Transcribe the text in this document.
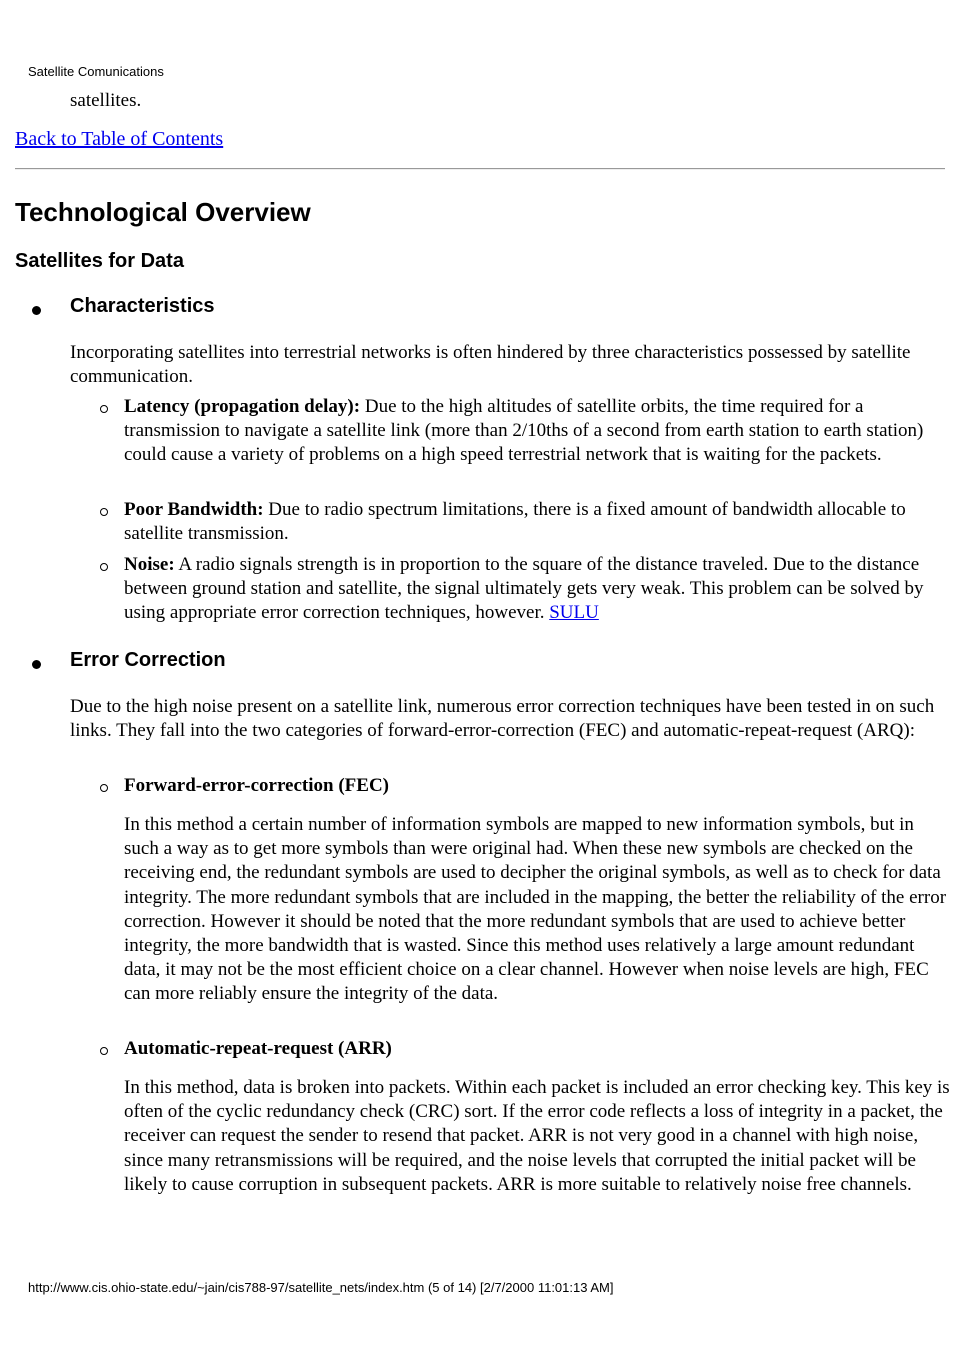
Satellite Comunications
satellites.
Back to Table of Contents
Technological Overview
Satellites for Data
Characteristics
Incorporating satellites into terrestrial networks is often hindered by three characteristics possessed by satellite communication.
Latency (propagation delay): Due to the high altitudes of satellite orbits, the time required for a transmission to navigate a satellite link (more than 2/10ths of a second from earth station to earth station) could cause a variety of problems on a high speed terrestrial network that is waiting for the packets.
Poor Bandwidth: Due to radio spectrum limitations, there is a fixed amount of bandwidth allocable to satellite transmission.
Noise: A radio signals strength is in proportion to the square of the distance traveled. Due to the distance between ground station and satellite, the signal ultimately gets very weak. This problem can be solved by using appropriate error correction techniques, however. SULU
Error Correction
Due to the high noise present on a satellite link, numerous error correction techniques have been tested in on such links. They fall into the two categories of forward-error-correction (FEC) and automatic-repeat-request (ARQ):
Forward-error-correction (FEC)
In this method a certain number of information symbols are mapped to new information symbols, but in such a way as to get more symbols than were original had. When these new symbols are checked on the receiving end, the redundant symbols are used to decipher the original symbols, as well as to check for data integrity. The more redundant symbols that are included in the mapping, the better the reliability of the error correction. However it should be noted that the more redundant symbols that are used to achieve better integrity, the more bandwidth that is wasted. Since this method uses relatively a large amount redundant data, it may not be the most efficient choice on a clear channel. However when noise levels are high, FEC can more reliably ensure the integrity of the data.
Automatic-repeat-request (ARR)
In this method, data is broken into packets. Within each packet is included an error checking key. This key is often of the cyclic redundancy check (CRC) sort. If the error code reflects a loss of integrity in a packet, the receiver can request the sender to resend that packet. ARR is not very good in a channel with high noise, since many retransmissions will be required, and the noise levels that corrupted the initial packet will be likely to cause corruption in subsequent packets. ARR is more suitable to relatively noise free channels.
http://www.cis.ohio-state.edu/~jain/cis788-97/satellite_nets/index.htm (5 of 14) [2/7/2000 11:01:13 AM]
